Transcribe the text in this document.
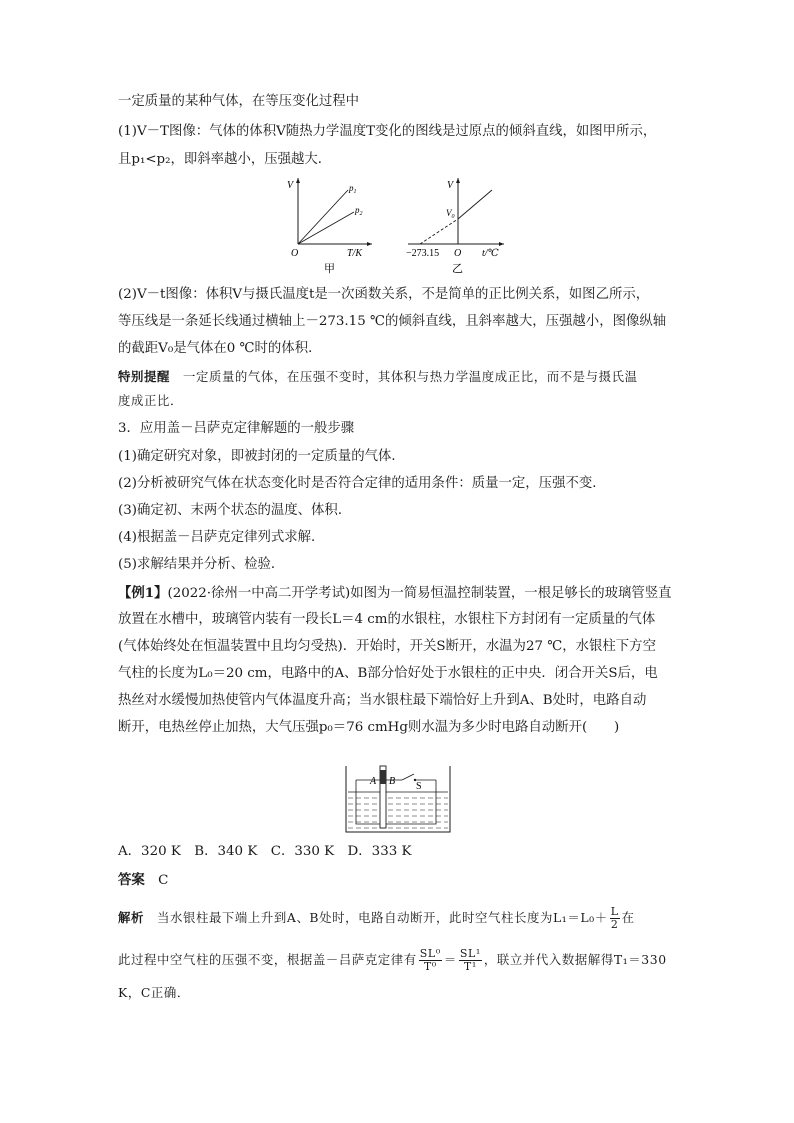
一定质量的某种气体，在等压变化过程中
(1)V－T图像：气体的体积V随热力学温度T变化的图线是过原点的倾斜直线，如图甲所示，
且p₁<p₂，即斜率越小，压强越大．
V
T/K
O
$p_1$
$p_2$
甲
V
$V_0$
−273.15 O t/℃
乙
(2)V－t图像：体积V与摄氏温度t是一次函数关系，不是简单的正比例关系，如图乙所示，
等压线是一条延长线通过横轴上－273.15 ℃的倾斜直线，且斜率越大，压强越小，图像纵轴
的截距V₀是气体在0 ℃时的体积．
特别提醒　 一定质量的气体，在压强不变时，其体积与热力学温度成正比，而不是与摄氏温
度成正比．
3．应用盖－吕萨克定律解题的一般步骤
(1)确定研究对象，即被封闭的一定质量的气体．
(2)分析被研究气体在状态变化时是否符合定律的适用条件：质量一定，压强不变．
(3)确定初、末两个状态的温度、体积．
(4)根据盖－吕萨克定律列式求解．
(5)求解结果并分析、检验．
【例1】(2022·徐州一中高二开学考试)如图为一简易恒温控制装置，一根足够长的玻璃管竖直
放置在水槽中，玻璃管内装有一段长L＝4 cm的水银柱，水银柱下方封闭有一定质量的气体
(气体始终处在恒温装置中且均匀受热)．开始时，开关S断开，水温为27 ℃，水银柱下方空
气柱的长度为L₀＝20 cm，电路中的A、B部分恰好处于水银柱的正中央．闭合开关S后，电
热丝对水缓慢加热使管内气体温度升高；当水银柱最下端恰好上升到A、B处时，电路自动
断开，电热丝停止加热，大气压强p₀＝76 cmHg则水温为多少时电路自动断开(　　)
A B S
A．320 K　B．340 K　C．330 K　D．333 K
答案　 C
解析　 当水银柱最下端上升到A、B处时，电路自动断开，此时空气柱长度为$L_1=L_0+ \frac{L}{2}$ 在
此过程中空气柱的压强不变，根据盖－吕萨克定律有 $\frac{\text{SL⁰}}{\text{T⁰}} = \frac{\text{SL¹}}{\text{T¹}}$ ，联立并代入数据解得T₁＝330
K，C正确．
